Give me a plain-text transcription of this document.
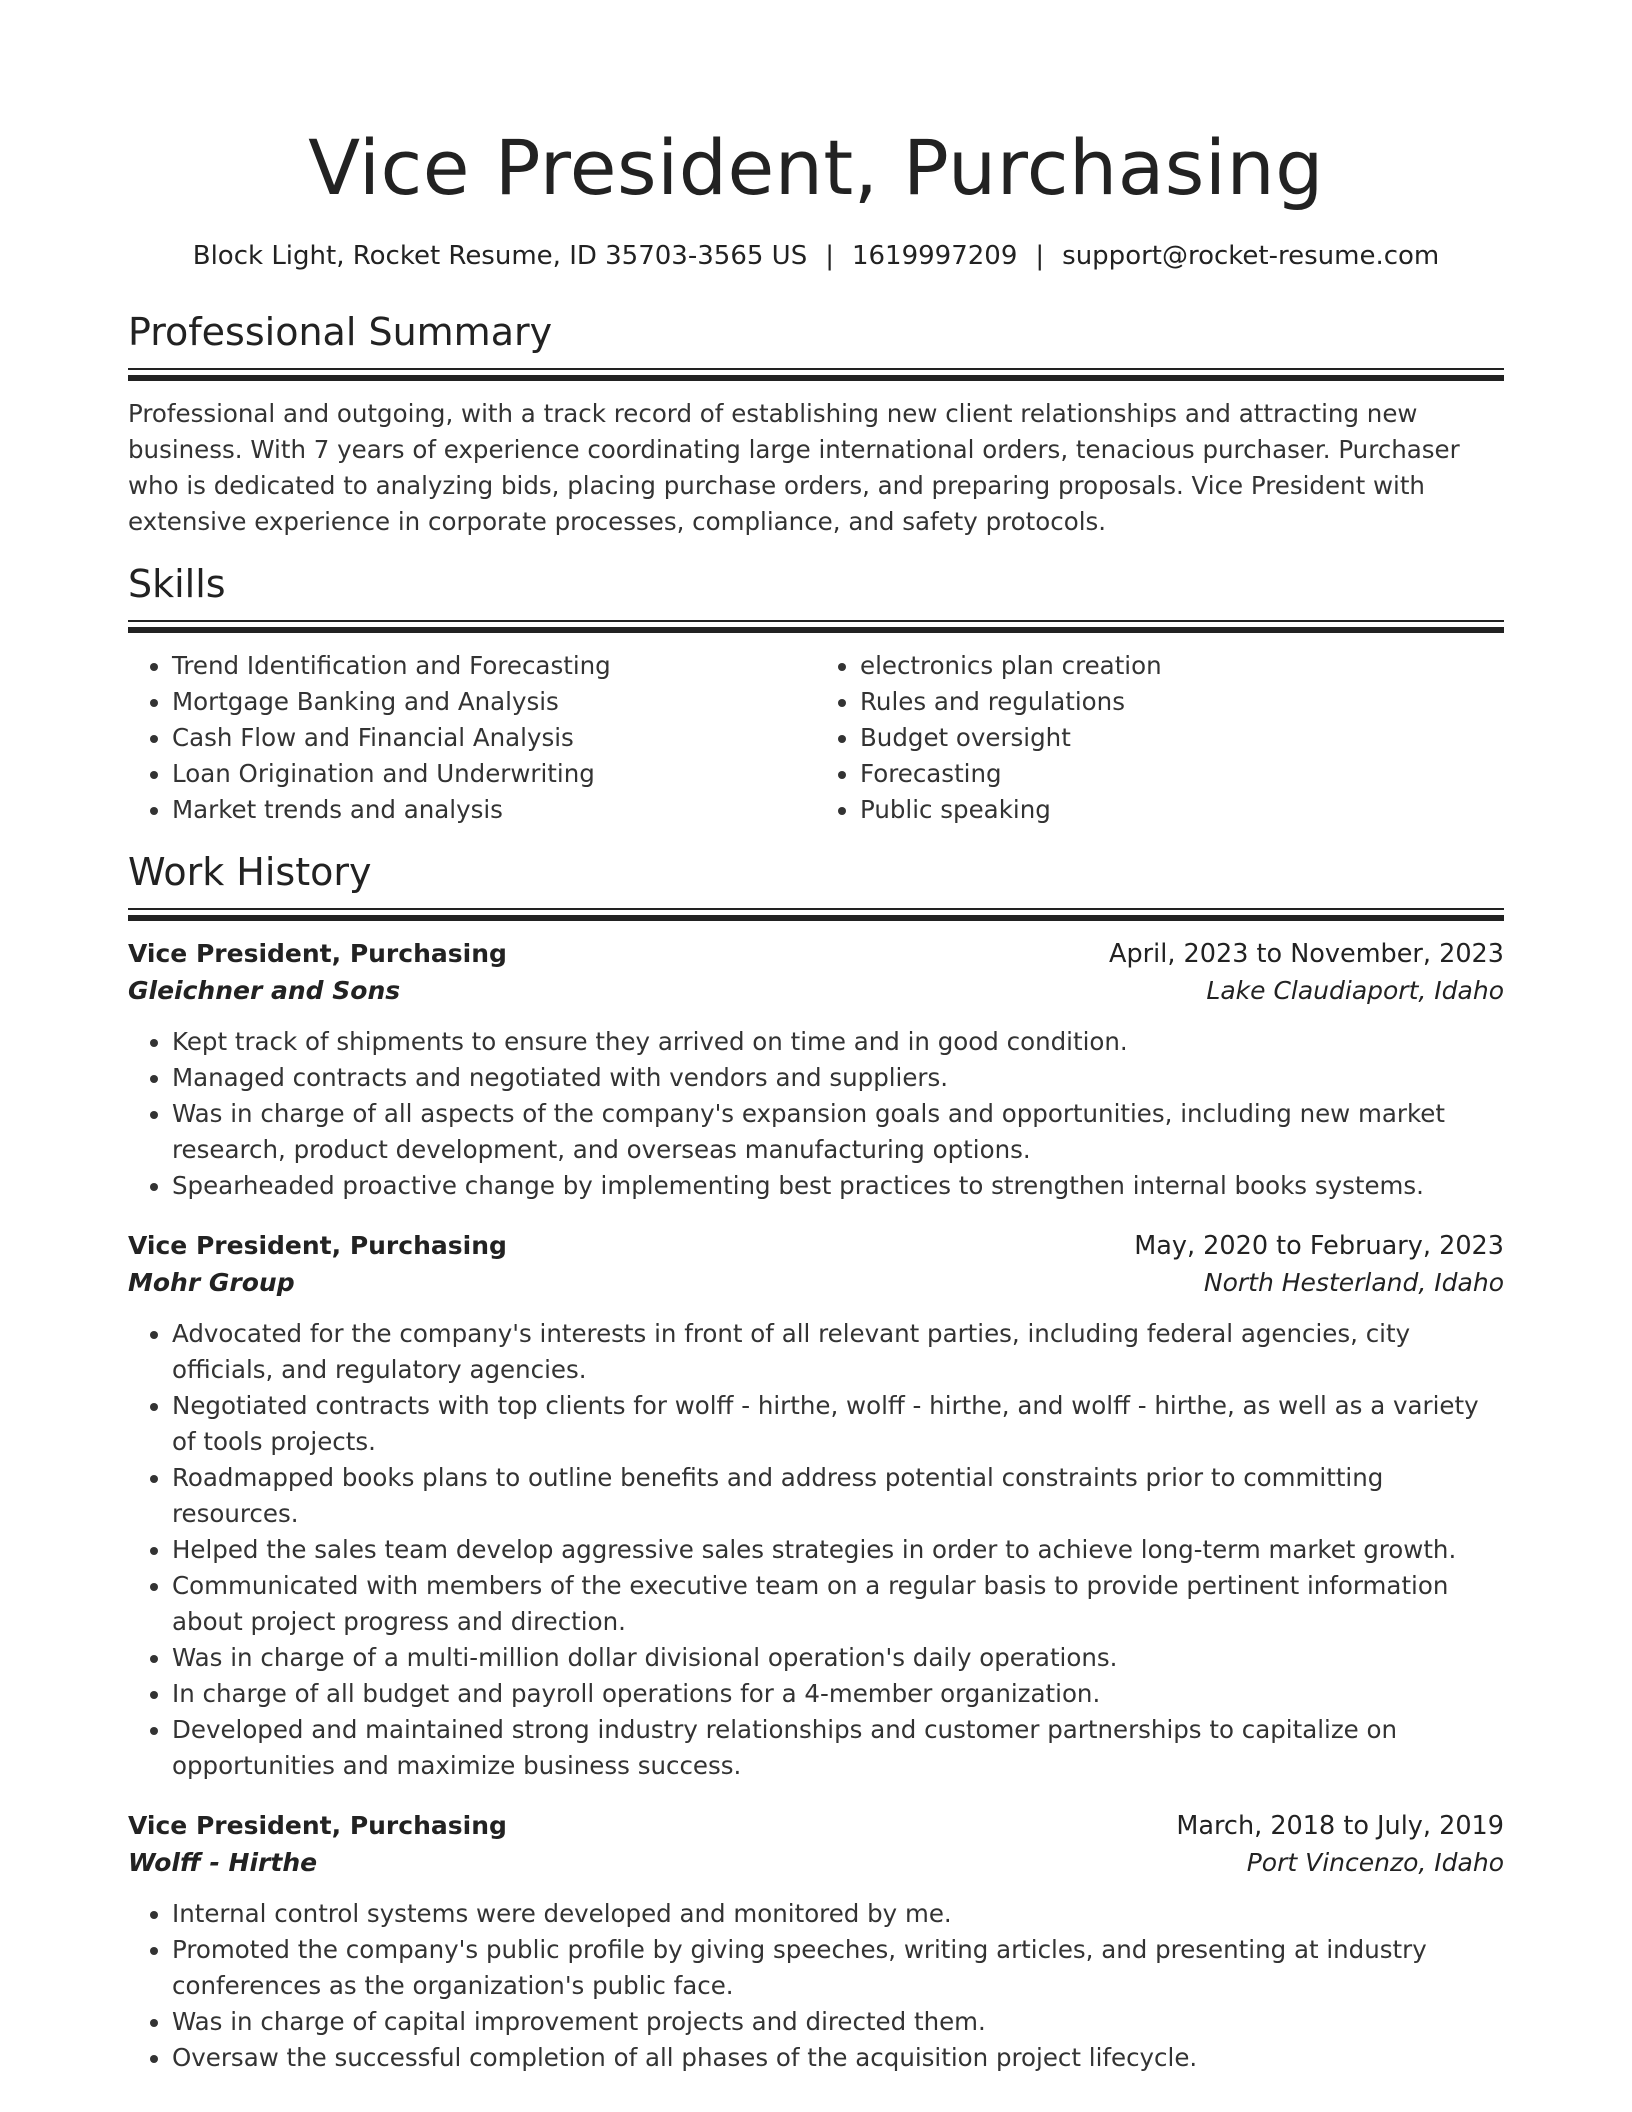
Vice President, Purchasing
Block Light, Rocket Resume, ID 35703-3565 US | 1619997209 | support@rocket-resume.com
Professional Summary
Professional and outgoing, with a track record of establishing new client relationships and attracting new business. With 7 years of experience coordinating large international orders, tenacious purchaser. Purchaser who is dedicated to analyzing bids, placing purchase orders, and preparing proposals. Vice President with extensive experience in corporate processes, compliance, and safety protocols.
Skills
• Trend Identification and Forecasting
• Mortgage Banking and Analysis
• Cash Flow and Financial Analysis
• Loan Origination and Underwriting
• Market trends and analysis
• electronics plan creation
• Rules and regulations
• Budget oversight
• Forecasting
• Public speaking
Work History
Vice President, Purchasing	April, 2023 to November, 2023
Gleichner and Sons	Lake Claudiaport, Idaho
• Kept track of shipments to ensure they arrived on time and in good condition.
• Managed contracts and negotiated with vendors and suppliers.
• Was in charge of all aspects of the company's expansion goals and opportunities, including new market research, product development, and overseas manufacturing options.
• Spearheaded proactive change by implementing best practices to strengthen internal books systems.
Vice President, Purchasing	May, 2020 to February, 2023
Mohr Group	North Hesterland, Idaho
• Advocated for the company's interests in front of all relevant parties, including federal agencies, city officials, and regulatory agencies.
• Negotiated contracts with top clients for wolff - hirthe, wolff - hirthe, and wolff - hirthe, as well as a variety of tools projects.
• Roadmapped books plans to outline benefits and address potential constraints prior to committing resources.
• Helped the sales team develop aggressive sales strategies in order to achieve long-term market growth.
• Communicated with members of the executive team on a regular basis to provide pertinent information about project progress and direction.
• Was in charge of a multi-million dollar divisional operation's daily operations.
• In charge of all budget and payroll operations for a 4-member organization.
• Developed and maintained strong industry relationships and customer partnerships to capitalize on opportunities and maximize business success.
Vice President, Purchasing	March, 2018 to July, 2019
Wolff - Hirthe	Port Vincenzo, Idaho
• Internal control systems were developed and monitored by me.
• Promoted the company's public profile by giving speeches, writing articles, and presenting at industry conferences as the organization's public face.
• Was in charge of capital improvement projects and directed them.
• Oversaw the successful completion of all phases of the acquisition project lifecycle.
